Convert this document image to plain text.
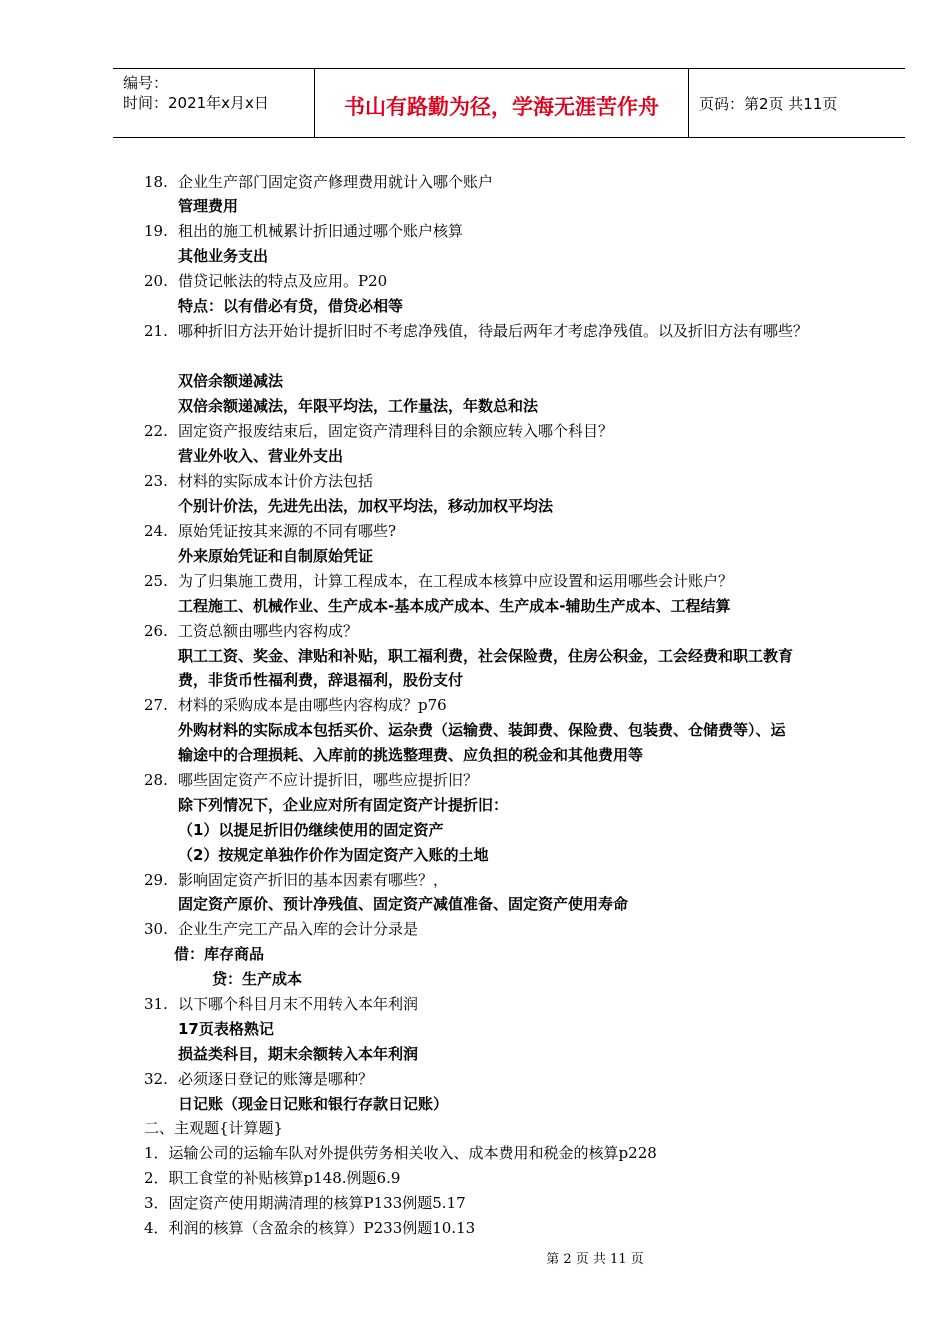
编号：
时间：2021年x月x日	书山有路勤为径，学海无涯苦作舟	页码：第2页 共11页
18. 企业生产部门固定资产修理费用就计入哪个账户
管理费用
19. 租出的施工机械累计折旧通过哪个账户核算
其他业务支出
20. 借贷记帐法的特点及应用。P20
特点：以有借必有贷，借贷必相等
21. 哪种折旧方法开始计提折旧时不考虑净残值，待最后两年才考虑净残值。以及折旧方法有哪些？
双倍余额递减法
双倍余额递减法，年限平均法，工作量法，年数总和法
22. 固定资产报废结束后，固定资产清理科目的余额应转入哪个科目？
营业外收入、营业外支出
23. 材料的实际成本计价方法包括
个别计价法，先进先出法，加权平均法，移动加权平均法
24. 原始凭证按其来源的不同有哪些?
外来原始凭证和自制原始凭证
25. 为了归集施工费用，计算工程成本，在工程成本核算中应设置和运用哪些会计账户？
工程施工、机械作业、生产成本-基本成产成本、生产成本-辅助生产成本、工程结算
26. 工资总额由哪些内容构成？
职工工资、奖金、津贴和补贴，职工福利费，社会保险费，住房公积金，工会经费和职工教育
费，非货币性福利费，辞退福利，股份支付
27. 材料的采购成本是由哪些内容构成？p76
外购材料的实际成本包括买价、运杂费（运输费、装卸费、保险费、包装费、仓储费等）、运
输途中的合理损耗、入库前的挑选整理费、应负担的税金和其他费用等
28. 哪些固定资产不应计提折旧，哪些应提折旧？
除下列情况下，企业应对所有固定资产计提折旧：
（1）以提足折旧仍继续使用的固定资产
（2）按规定单独作价作为固定资产入账的土地
29. 影响固定资产折旧的基本因素有哪些？，
固定资产原价、预计净残值、固定资产减值准备、固定资产使用寿命
30. 企业生产完工产品入库的会计分录是
借：库存商品
贷：生产成本
31. 以下哪个科目月末不用转入本年利润
17页表格熟记
损益类科目，期末余额转入本年利润
32. 必须逐日登记的账簿是哪种？
日记账（现金日记账和银行存款日记账）
二、主观题{计算题}
1．运输公司的运输车队对外提供劳务相关收入、成本费用和税金的核算p228
2．职工食堂的补贴核算p148.例题6.9
3．固定资产使用期满清理的核算P133例题5.17
4．利润的核算（含盈余的核算）P233例题10.13
第 2 页 共 11 页
